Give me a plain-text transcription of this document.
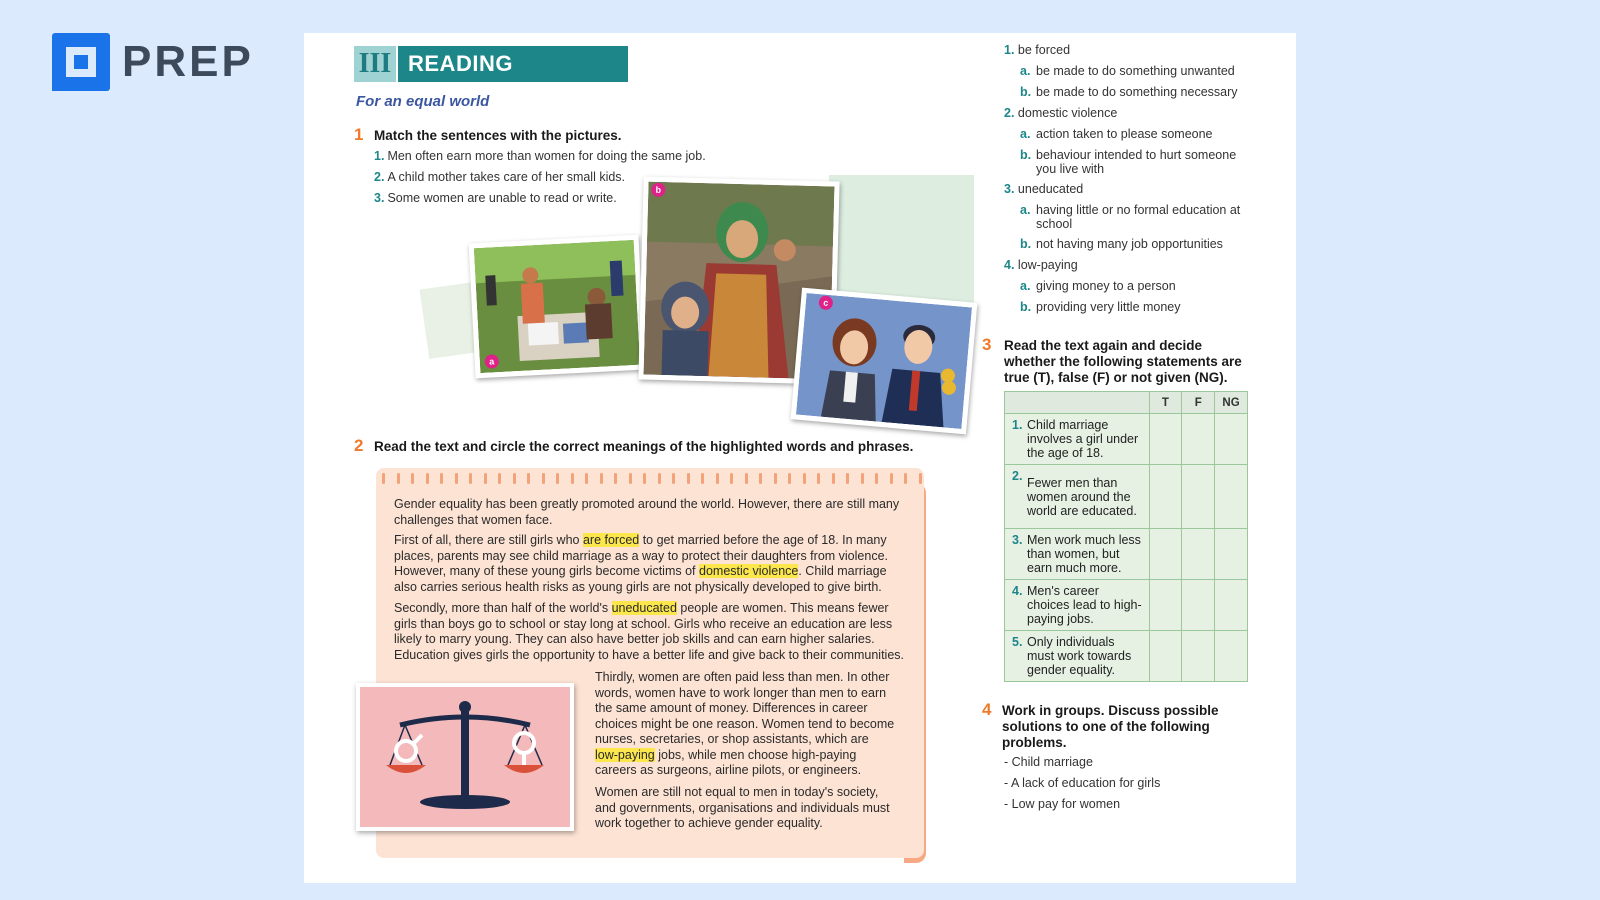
PREP	III READING
For an equal world
1 Match the sentences with the pictures.
1. Men often earn more than women for doing the same job.
2. A child mother takes care of her small kids.
3. Some women are unable to read or write.
a
b
c
2 Read the text and circle the correct meanings of the highlighted words and phrases.
Gender equality has been greatly promoted around the world. However, there are still many challenges that women face.
First of all, there are still girls who are forced to get married before the age of 18. In many places, parents may see child marriage as a way to protect their daughters from violence. However, many of these young girls become victims of domestic violence. Child marriage also carries serious health risks as young girls are not physically developed to give birth.
Secondly, more than half of the world's uneducated people are women. This means fewer girls than boys go to school or stay long at school. Girls who receive an education are less likely to marry young. They can also have better job skills and can earn higher salaries. Education gives girls the opportunity to have a better life and give back to their communities.
Thirdly, women are often paid less than men. In other words, women have to work longer than men to earn the same amount of money. Differences in career choices might be one reason. Women tend to become nurses, secretaries, or shop assistants, which are low-paying jobs, while men choose high-paying careers as surgeons, airline pilots, or engineers.
Women are still not equal to men in today's society, and governments, organisations and individuals must work together to achieve gender equality.
1. be forced
a. be made to do something unwanted
b. be made to do something necessary
2. domestic violence
a. action taken to please someone
b. behaviour intended to hurt someone you live with
3. uneducated
a. having little or no formal education at school
b. not having many job opportunities
4. low-paying
a. giving money to a person
b. providing very little money
3 Read the text again and decide whether the following statements are true (T), false (F) or not given (NG).
	T	F	NG

1. Child marriage involves a girl under the age of 18.			

2. Fewer men than women around the world are educated.			

3. Men work much less than women, but earn much more.			

4. Men's career choices lead to high-paying jobs.			

5. Only individuals must work towards gender equality.			
4 Work in groups. Discuss possible solutions to one of the following problems.
- Child marriage
- A lack of education for girls
- Low pay for women
